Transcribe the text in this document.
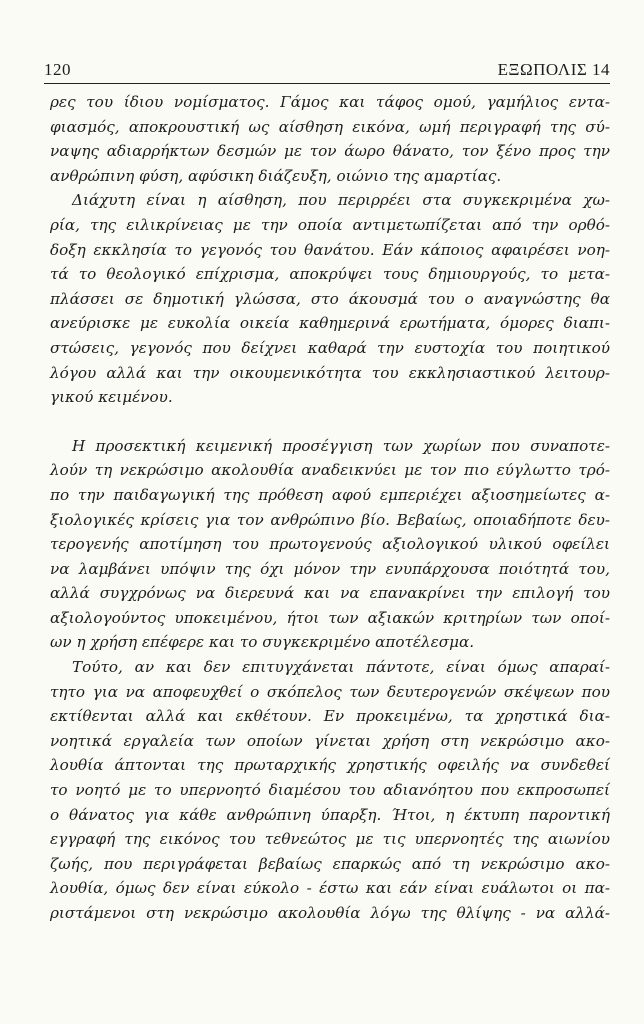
120	ΕΞΩΠΟΛΙΣ 14
ρες του ίδιου νομίσματος. Γάμος και τάφος ομού, γαμήλιος εντα-
φιασμός, αποκρουστική ως αίσθηση εικόνα, ωμή περιγραφή της σύ-
ναψης αδιαρρήκτων δεσμών με τον άωρο θάνατο, τον ξένο προς την
ανθρώπινη φύση, αφύσικη διάζευξη, οιώνιο της αμαρτίας.
Διάχυτη είναι η αίσθηση, που περιρρέει στα συγκεκριμένα χω-
ρία, της ειλικρίνειας με την οποία αντιμετωπίζεται από την ορθό-
δοξη εκκλησία το γεγονός του θανάτου. Εάν κάποιος αφαιρέσει νοη-
τά το θεολογικό επίχρισμα, αποκρύψει τους δημιουργούς, το μετα-
πλάσσει σε δημοτική γλώσσα, στο άκουσμά του ο αναγνώστης θα
ανεύρισκε με ευκολία οικεία καθημερινά ερωτήματα, όμορες διαπι-
στώσεις, γεγονός που δείχνει καθαρά την ευστοχία του ποιητικού
λόγου αλλά και την οικουμενικότητα του εκκλησιαστικού λειτουρ-
γικού κειμένου.
Η προσεκτική κειμενική προσέγγιση των χωρίων που συναποτε-
λούν τη νεκρώσιμο ακολουθία αναδεικνύει με τον πιο εύγλωττο τρό-
πο την παιδαγωγική της πρόθεση αφού εμπεριέχει αξιοσημείωτες α-
ξιολογικές κρίσεις για τον ανθρώπινο βίο. Βεβαίως, οποιαδήποτε δευ-
τερογενής αποτίμηση του πρωτογενούς αξιολογικού υλικού οφείλει
να λαμβάνει υπόψιν της όχι μόνον την ενυπάρχουσα ποιότητά του,
αλλά συγχρόνως να διερευνά και να επανακρίνει την επιλογή του
αξιολογούντος υποκειμένου, ήτοι των αξιακών κριτηρίων των οποί-
ων η χρήση επέφερε και το συγκεκριμένο αποτέλεσμα.
Τούτο, αν και δεν επιτυγχάνεται πάντοτε, είναι όμως απαραί-
τητο για να αποφευχθεί ο σκόπελος των δευτερογενών σκέψεων που
εκτίθενται αλλά και εκθέτουν. Εν προκειμένω, τα χρηστικά δια-
νοητικά εργαλεία των οποίων γίνεται χρήση στη νεκρώσιμο ακο-
λουθία άπτονται της πρωταρχικής χρηστικής οφειλής να συνδεθεί
το νοητό με το υπερνοητό διαμέσου του αδιανόητου που εκπροσωπεί
ο θάνατος για κάθε ανθρώπινη ύπαρξη. Ήτοι, η έκτυπη παροντική
εγγραφή της εικόνος του τεθνεώτος με τις υπερνοητές της αιωνίου
ζωής, που περιγράφεται βεβαίως επαρκώς από τη νεκρώσιμο ακο-
λουθία, όμως δεν είναι εύκολο - έστω και εάν είναι ευάλωτοι οι πα-
ριστάμενοι στη νεκρώσιμο ακολουθία λόγω της θλίψης - να αλλά-
